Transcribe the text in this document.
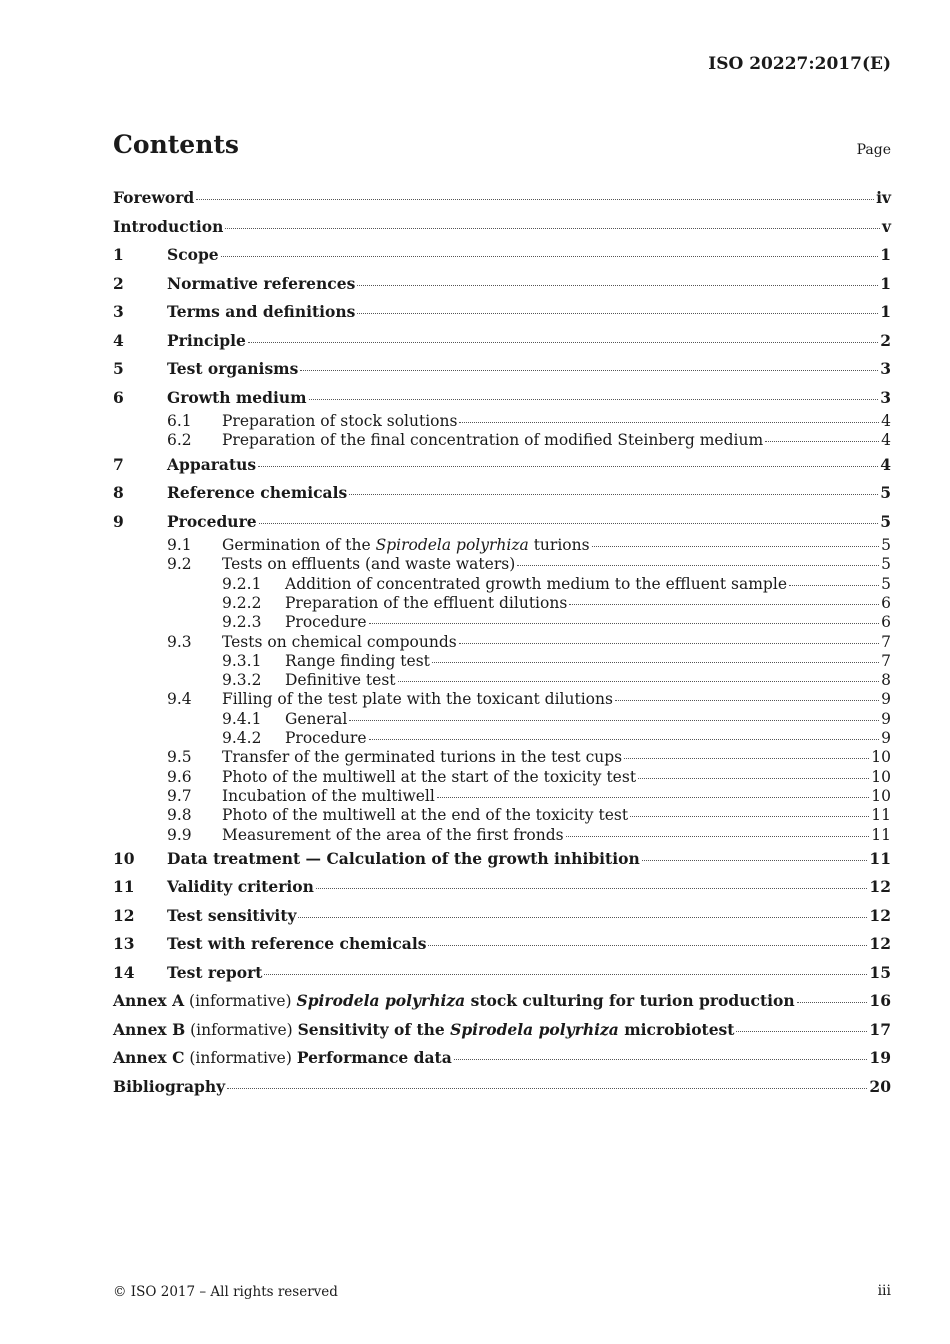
ISO 20227:2017(E)
Contents	Page
Foreword	iv
Introduction	v
1	Scope	1
2	Normative references	1
3	Terms and definitions	1
4	Principle	2
5	Test organisms	3
6	Growth medium	3
6.1	Preparation of stock solutions	4
6.2	Preparation of the final concentration of modified Steinberg medium	4
7	Apparatus	4
8	Reference chemicals	5
9	Procedure	5
9.1	Germination of the Spirodela polyrhiza turions	5
9.2	Tests on effluents (and waste waters)	5
9.2.1	Addition of concentrated growth medium to the effluent sample	5
9.2.2	Preparation of the effluent dilutions	6
9.2.3	Procedure	6
9.3	Tests on chemical compounds	7
9.3.1	Range finding test	7
9.3.2	Definitive test	8
9.4	Filling of the test plate with the toxicant dilutions	9
9.4.1	General	9
9.4.2	Procedure	9
9.5	Transfer of the germinated turions in the test cups	10
9.6	Photo of the multiwell at the start of the toxicity test	10
9.7	Incubation of the multiwell	10
9.8	Photo of the multiwell at the end of the toxicity test	11
9.9	Measurement of the area of the first fronds	11
10	Data treatment — Calculation of the growth inhibition	11
11	Validity criterion	12
12	Test sensitivity	12
13	Test with reference chemicals	12
14	Test report	15
Annex A (informative) Spirodela polyrhiza stock culturing for turion production	16
Annex B (informative) Sensitivity of the Spirodela polyrhiza microbiotest	17
Annex C (informative) Performance data	19
Bibliography	20
© ISO 2017 – All rights reserved	iii
